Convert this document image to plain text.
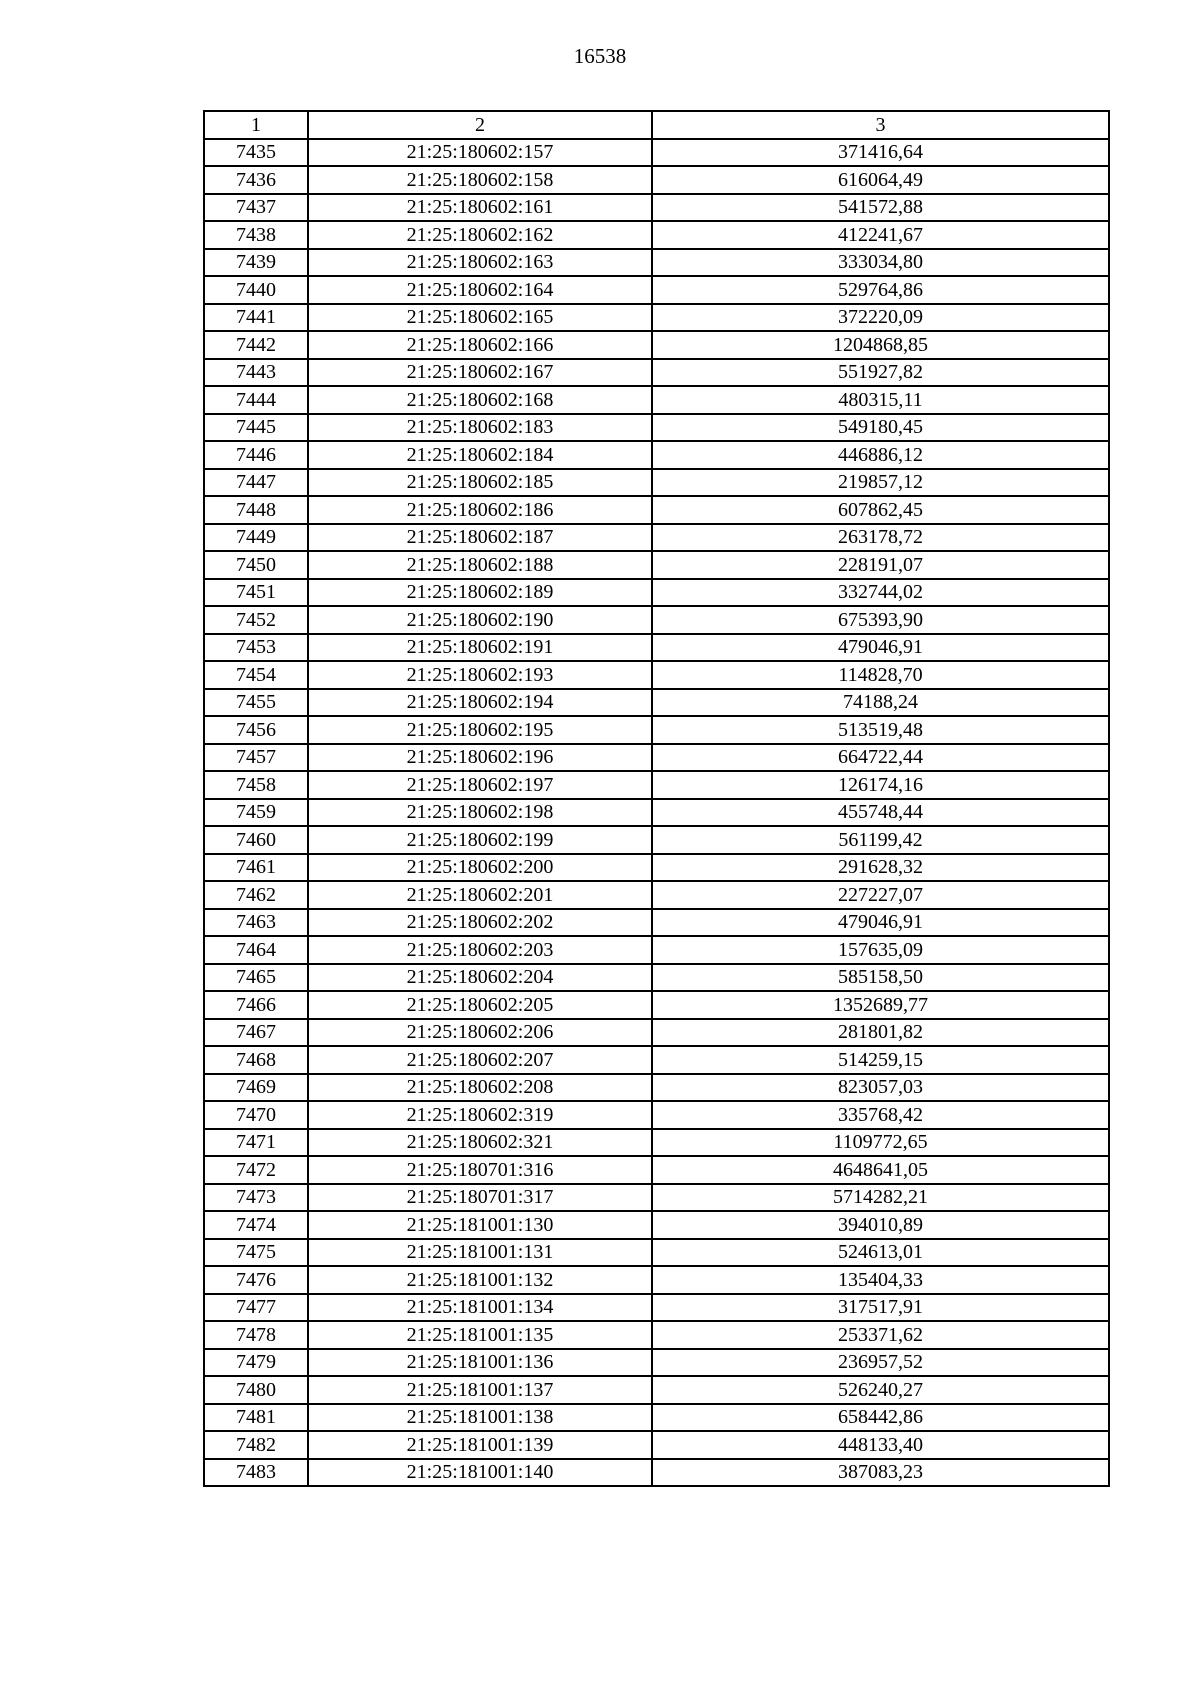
16538
1	2	3
7435	21:25:180602:157	371416,64
7436	21:25:180602:158	616064,49
7437	21:25:180602:161	541572,88
7438	21:25:180602:162	412241,67
7439	21:25:180602:163	333034,80
7440	21:25:180602:164	529764,86
7441	21:25:180602:165	372220,09
7442	21:25:180602:166	1204868,85
7443	21:25:180602:167	551927,82
7444	21:25:180602:168	480315,11
7445	21:25:180602:183	549180,45
7446	21:25:180602:184	446886,12
7447	21:25:180602:185	219857,12
7448	21:25:180602:186	607862,45
7449	21:25:180602:187	263178,72
7450	21:25:180602:188	228191,07
7451	21:25:180602:189	332744,02
7452	21:25:180602:190	675393,90
7453	21:25:180602:191	479046,91
7454	21:25:180602:193	114828,70
7455	21:25:180602:194	74188,24
7456	21:25:180602:195	513519,48
7457	21:25:180602:196	664722,44
7458	21:25:180602:197	126174,16
7459	21:25:180602:198	455748,44
7460	21:25:180602:199	561199,42
7461	21:25:180602:200	291628,32
7462	21:25:180602:201	227227,07
7463	21:25:180602:202	479046,91
7464	21:25:180602:203	157635,09
7465	21:25:180602:204	585158,50
7466	21:25:180602:205	1352689,77
7467	21:25:180602:206	281801,82
7468	21:25:180602:207	514259,15
7469	21:25:180602:208	823057,03
7470	21:25:180602:319	335768,42
7471	21:25:180602:321	1109772,65
7472	21:25:180701:316	4648641,05
7473	21:25:180701:317	5714282,21
7474	21:25:181001:130	394010,89
7475	21:25:181001:131	524613,01
7476	21:25:181001:132	135404,33
7477	21:25:181001:134	317517,91
7478	21:25:181001:135	253371,62
7479	21:25:181001:136	236957,52
7480	21:25:181001:137	526240,27
7481	21:25:181001:138	658442,86
7482	21:25:181001:139	448133,40
7483	21:25:181001:140	387083,23
